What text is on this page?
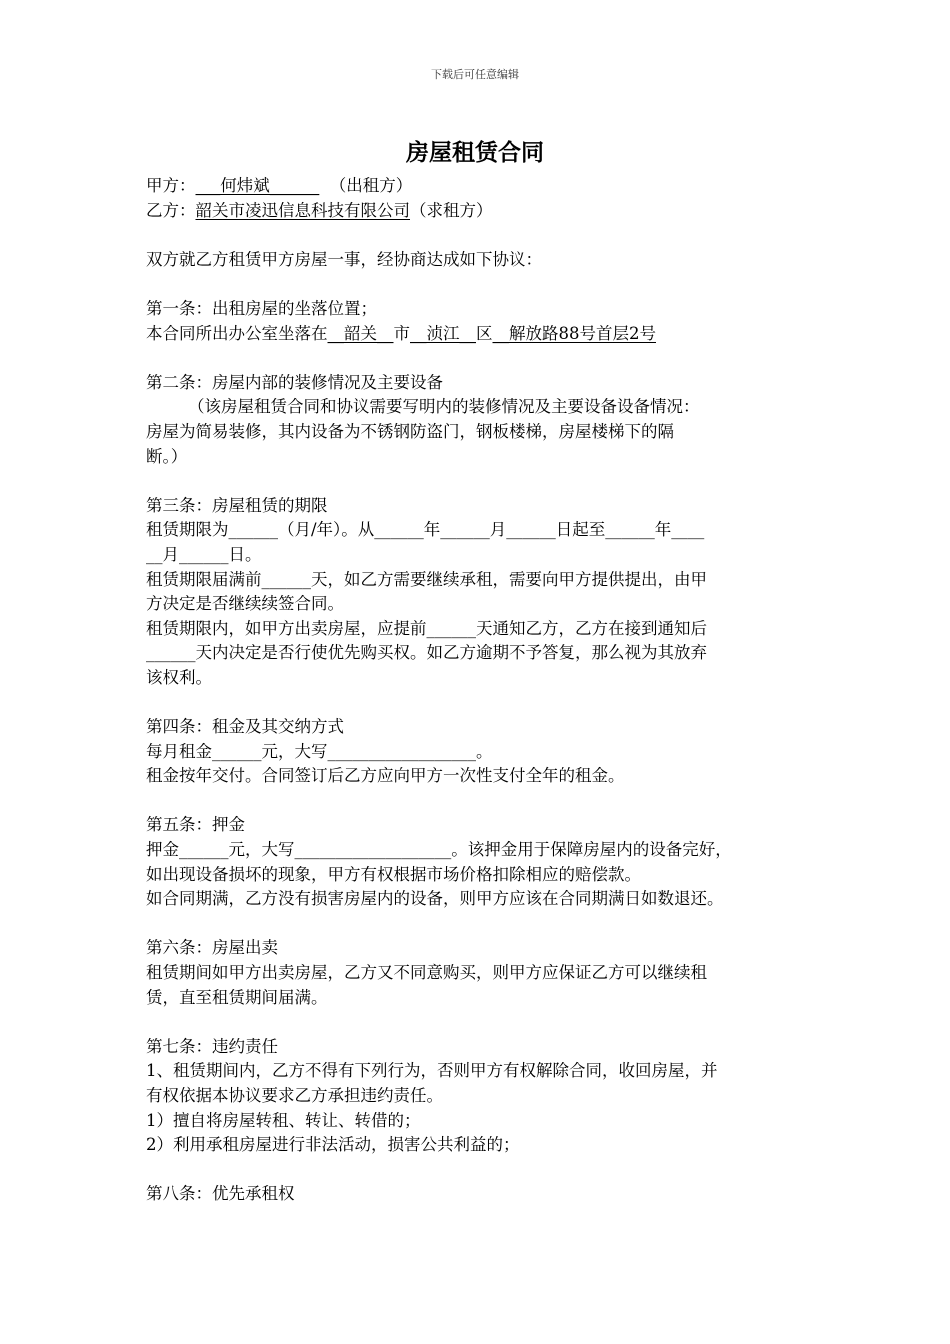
下载后可任意编辑
房屋租赁合同
甲方：___何炜斌______ （出租方）
乙方：韶关市凌迅信息科技有限公司（求租方）
双方就乙方租赁甲方房屋一事，经协商达成如下协议：
第一条：出租房屋的坐落位置；
本合同所出办公室坐落在__韶关__市__浈江__区__解放路88号首层2号
第二条：房屋内部的装修情况及主要设备
（该房屋租赁合同和协议需要写明内的装修情况及主要设备设备情况：
房屋为简易装修，其内设备为不锈钢防盗门，钢板楼梯，房屋楼梯下的隔
断。）
第三条：房屋租赁的期限
租赁期限为______（月/年）。从______年______月______日起至______年____
__月______日。
租赁期限届满前______天，如乙方需要继续承租，需要向甲方提供提出，由甲
方决定是否继续续签合同。
租赁期限内，如甲方出卖房屋，应提前______天通知乙方，乙方在接到通知后
______天内决定是否行使优先购买权。如乙方逾期不予答复，那么视为其放弃
该权利。
第四条：租金及其交纳方式
每月租金______元，大写__________________。
租金按年交付。合同签订后乙方应向甲方一次性支付全年的租金。
第五条：押金
押金______元，大写___________________。该押金用于保障房屋内的设备完好，
如出现设备损坏的现象，甲方有权根据市场价格扣除相应的赔偿款。
如合同期满，乙方没有损害房屋内的设备，则甲方应该在合同期满日如数退还。
第六条：房屋出卖
租赁期间如甲方出卖房屋，乙方又不同意购买，则甲方应保证乙方可以继续租
赁，直至租赁期间届满。
第七条：违约责任
1、租赁期间内，乙方不得有下列行为，否则甲方有权解除合同，收回房屋，并
有权依据本协议要求乙方承担违约责任。
1）擅自将房屋转租、转让、转借的；
2）利用承租房屋进行非法活动，损害公共利益的；
第八条：优先承租权
